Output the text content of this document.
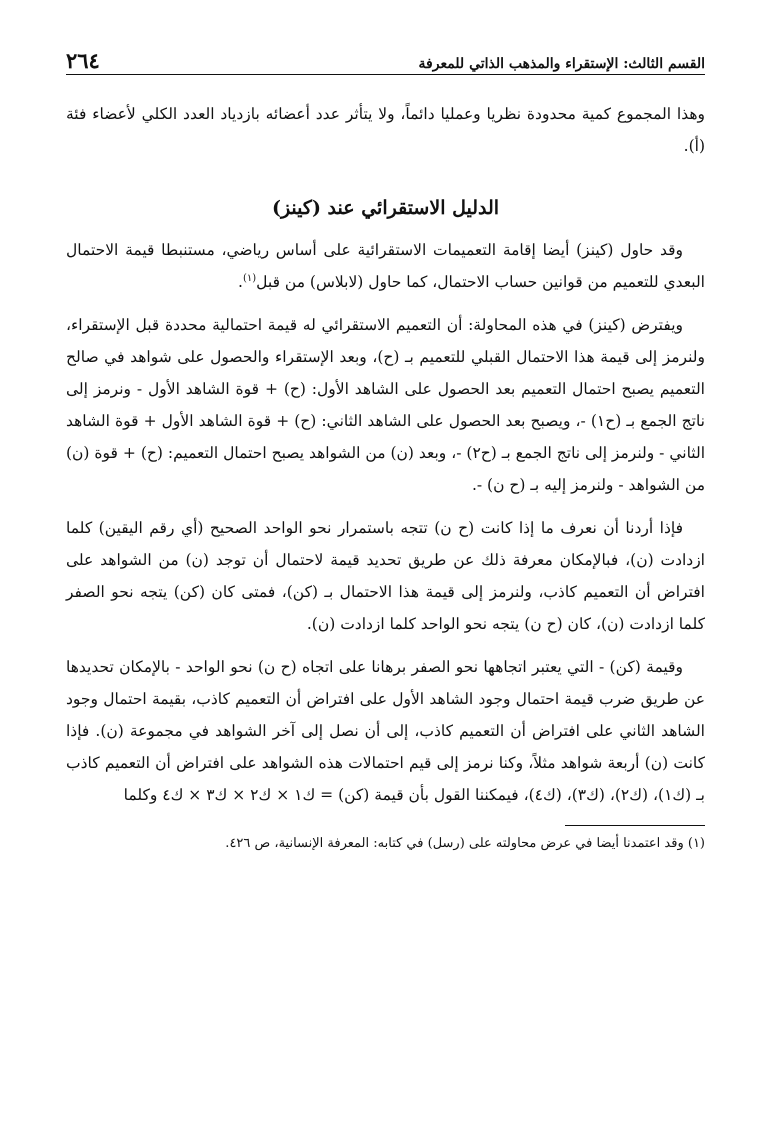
القسم الثالث: الإستقراء والمذهب الذاتي للمعرفة
٢٦٤

وهذا المجموع كمية محدودة نظريا وعمليا دائماً، ولا يتأثر عدد أعضائه بازدياد العدد الكلي لأعضاء فئة (أ).

الدليل الاستقرائي عند (كينز)

وقد حاول (كينز) أيضا إقامة التعميمات الاستقرائية على أساس رياضي، مستنبطا قيمة الاحتمال البعدي للتعميم من قوانين حساب الاحتمال، كما حاول (لابلاس) من قبل$^{(١)}$.

ويفترض (كينز) في هذه المحاولة: أن التعميم الاستقرائي له قيمة احتمالية محددة قبل الإستقراء، ولنرمز إلى قيمة هذا الاحتمال القبلي للتعميم بـ (ح)، وبعد الإستقراء والحصول على شواهد في صالح التعميم يصبح احتمال التعميم بعد الحصول على الشاهد الأول: (ح) + قوة الشاهد الأول - ونرمز إلى ناتج الجمع بـ (ح١) -، ويصبح بعد الحصول على الشاهد الثاني: (ح) + قوة الشاهد الأول + قوة الشاهد الثاني - ولنرمز إلى ناتج الجمع بـ (ح٢) -، وبعد (ن) من الشواهد يصبح احتمال التعميم: (ح) + قوة (ن) من الشواهد - ولنرمز إليه بـ (ح ن) -.

فإذا أردنا أن نعرف ما إذا كانت (ح ن) تتجه باستمرار نحو الواحد الصحيح (أي رقم اليقين) كلما ازدادت (ن)، فبالإمكان معرفة ذلك عن طريق تحديد قيمة لاحتمال أن توجد (ن) من الشواهد على افتراض أن التعميم كاذب، ولنرمز إلى قيمة هذا الاحتمال بـ (كن)، فمتى كان (كن) يتجه نحو الصفر كلما ازدادت (ن)، كان (ح ن) يتجه نحو الواحد كلما ازدادت (ن).

وقيمة (كن) - التي يعتبر اتجاهها نحو الصفر برهانا على اتجاه (ح ن) نحو الواحد - بالإمكان تحديدها عن طريق ضرب قيمة احتمال وجود الشاهد الأول على افتراض أن التعميم كاذب، بقيمة احتمال وجود الشاهد الثاني على افتراض أن التعميم كاذب، إلى أن نصل إلى آخر الشواهد في مجموعة (ن). فإذا كانت (ن) أربعة شواهد مثلاً، وكنا نرمز إلى قيم احتمالات هذه الشواهد على افتراض أن التعميم كاذب بـ (ك١)، (ك٢)، (ك٣)، (ك٤)، فيمكننا القول بأن قيمة (كن) = ك١ × ك٢ × ك٣ × ك٤ وكلما

(١) وقد اعتمدنا أيضا في عرض محاولته على (رسل) في كتابه: المعرفة الإنسانية، ص ٤٢٦.
